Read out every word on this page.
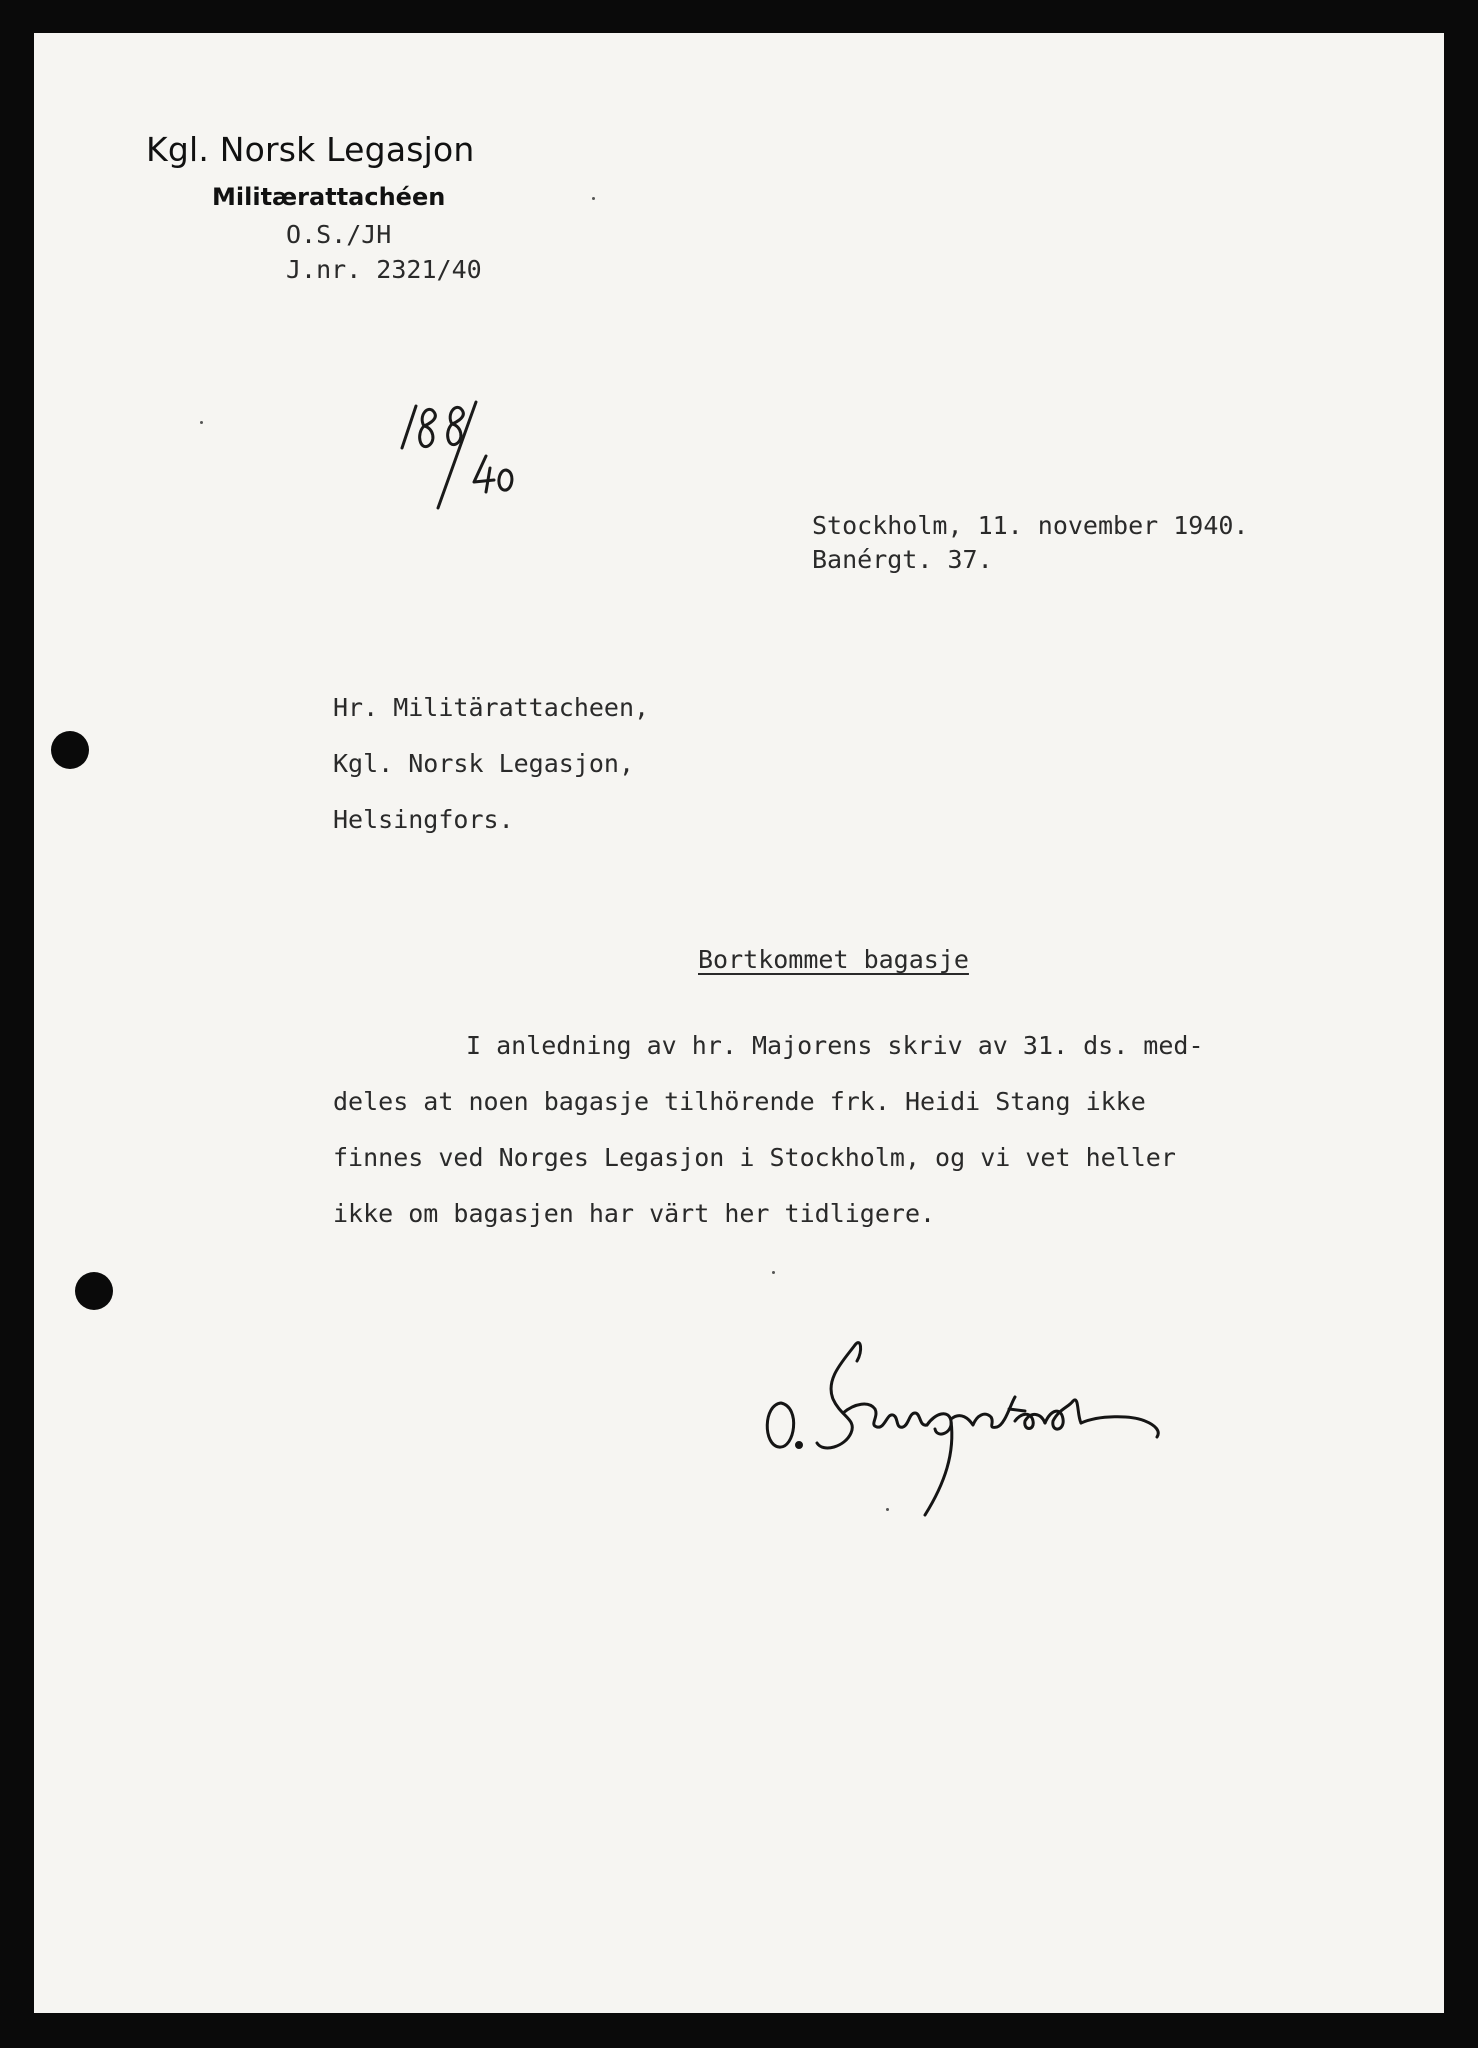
Kgl. Norsk Legasjon
Militærattachéen
O.S./JH
J.nr. 2321/40
Stockholm, 11. november 1940.
Banérgt. 37.
Hr. Militärattacheen,
Kgl. Norsk Legasjon,
Helsingfors.
Bortkommet bagasje
I anledning av hr. Majorens skriv av 31. ds. med-
deles at noen bagasje tilhörende frk. Heidi Stang ikke
finnes ved Norges Legasjon i Stockholm, og vi vet heller
ikke om bagasjen har värt her tidligere.
